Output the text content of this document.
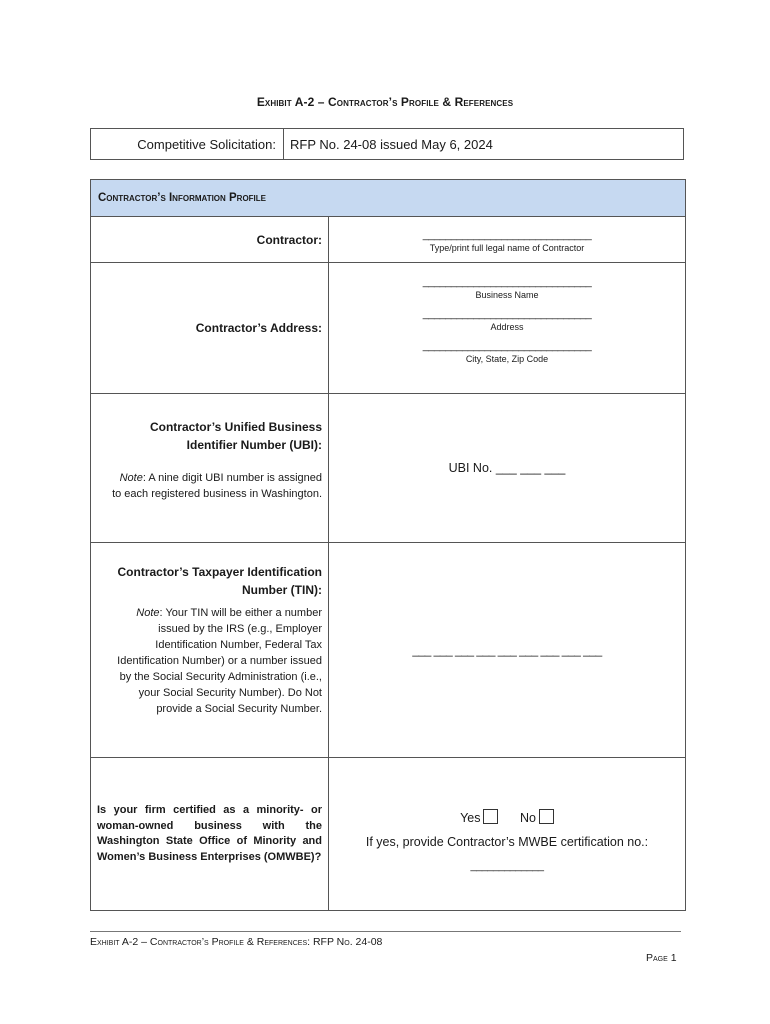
Exhibit A-2 – Contractor’s Profile & References
Competitive Solicitation:	RFP No. 24-08 issued May 6, 2024
Contractor’s Information Profile
Contractor:	______________________________
Type/print full legal name of Contractor
Contractor’s Address:
______________________________
Business Name
______________________________
Address
______________________________
City, State, Zip Code
Contractor’s Unified Business
Identifier Number (UBI):
Note: A nine digit UBI number is assigned
to each registered business in Washington.
UBI No. ___ ___ ___
Contractor’s Taxpayer Identification
Number (TIN):
Note: Your TIN will be either a number
issued by the IRS (e.g., Employer
Identification Number, Federal Tax
Identification Number) or a number issued
by the Social Security Administration (i.e.,
your Social Security Number). Do Not
provide a Social Security Number.
___ ___ ___ ___ ___ ___ ___ ___ ___
Is your firm certified as a minority- or
woman-owned business with the
Washington State Office of Minority and
Women’s Business Enterprises (OMWBE)?
Yes	No
If yes, provide Contractor’s MWBE certification no.:
_____________
Exhibit A-2 – Contractor’s Profile & References: RFP No. 24-08
Page 1
